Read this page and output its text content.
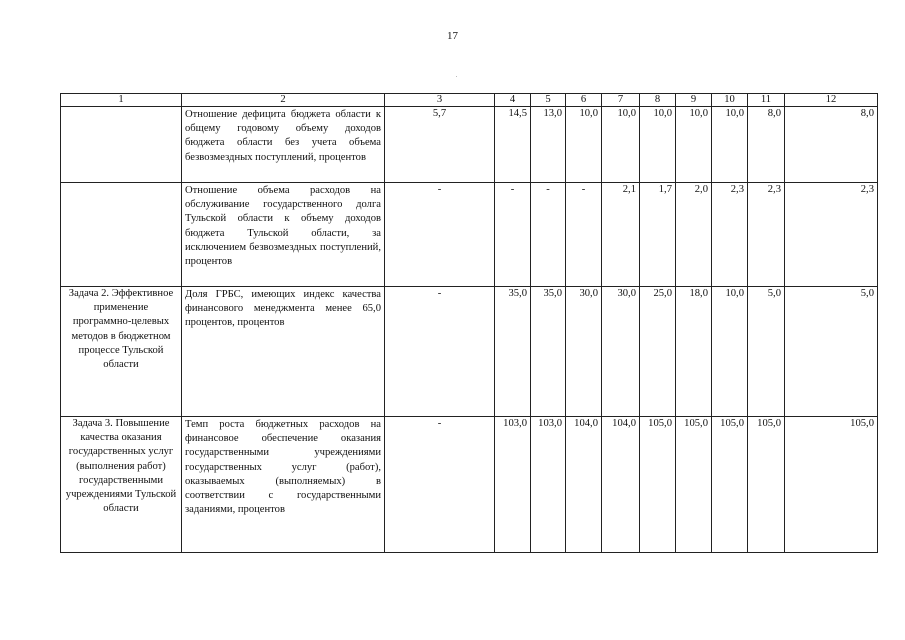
17
1	2	3	4	5	6	7	8	9	10	11	12
	Отношение дефицита бюджета области к общему годовому объему доходов бюджета области без учета объема безвозмездных поступлений, процентов	5,7	14,5	13,0	10,0	10,0	10,0	10,0	10,0	8,0	8,0
	Отношение объема расходов на обслуживание государственного долга Тульской области к объему доходов бюджета Тульской области, за исключением безвозмездных поступлений, процентов	-	-	-	-	2,1	1,7	2,0	2,3	2,3	2,3
Задача 2. Эффективное применение программно-целевых методов в бюджетном процессе Тульской области	Доля ГРБС, имеющих индекс качества финансового менеджмента менее 65,0 процентов, процентов	-	35,0	35,0	30,0	30,0	25,0	18,0	10,0	5,0	5,0
Задача 3. Повышение качества оказания государственных услуг (выполнения работ) государственными учреждениями Тульской области	Темп роста бюджетных расходов на финансовое обеспечение оказания государственными учреждениями государственных услуг (работ), оказываемых (выполняемых) в соответствии с государственными заданиями, процентов	-	103,0	103,0	104,0	104,0	105,0	105,0	105,0	105,0	105,0
